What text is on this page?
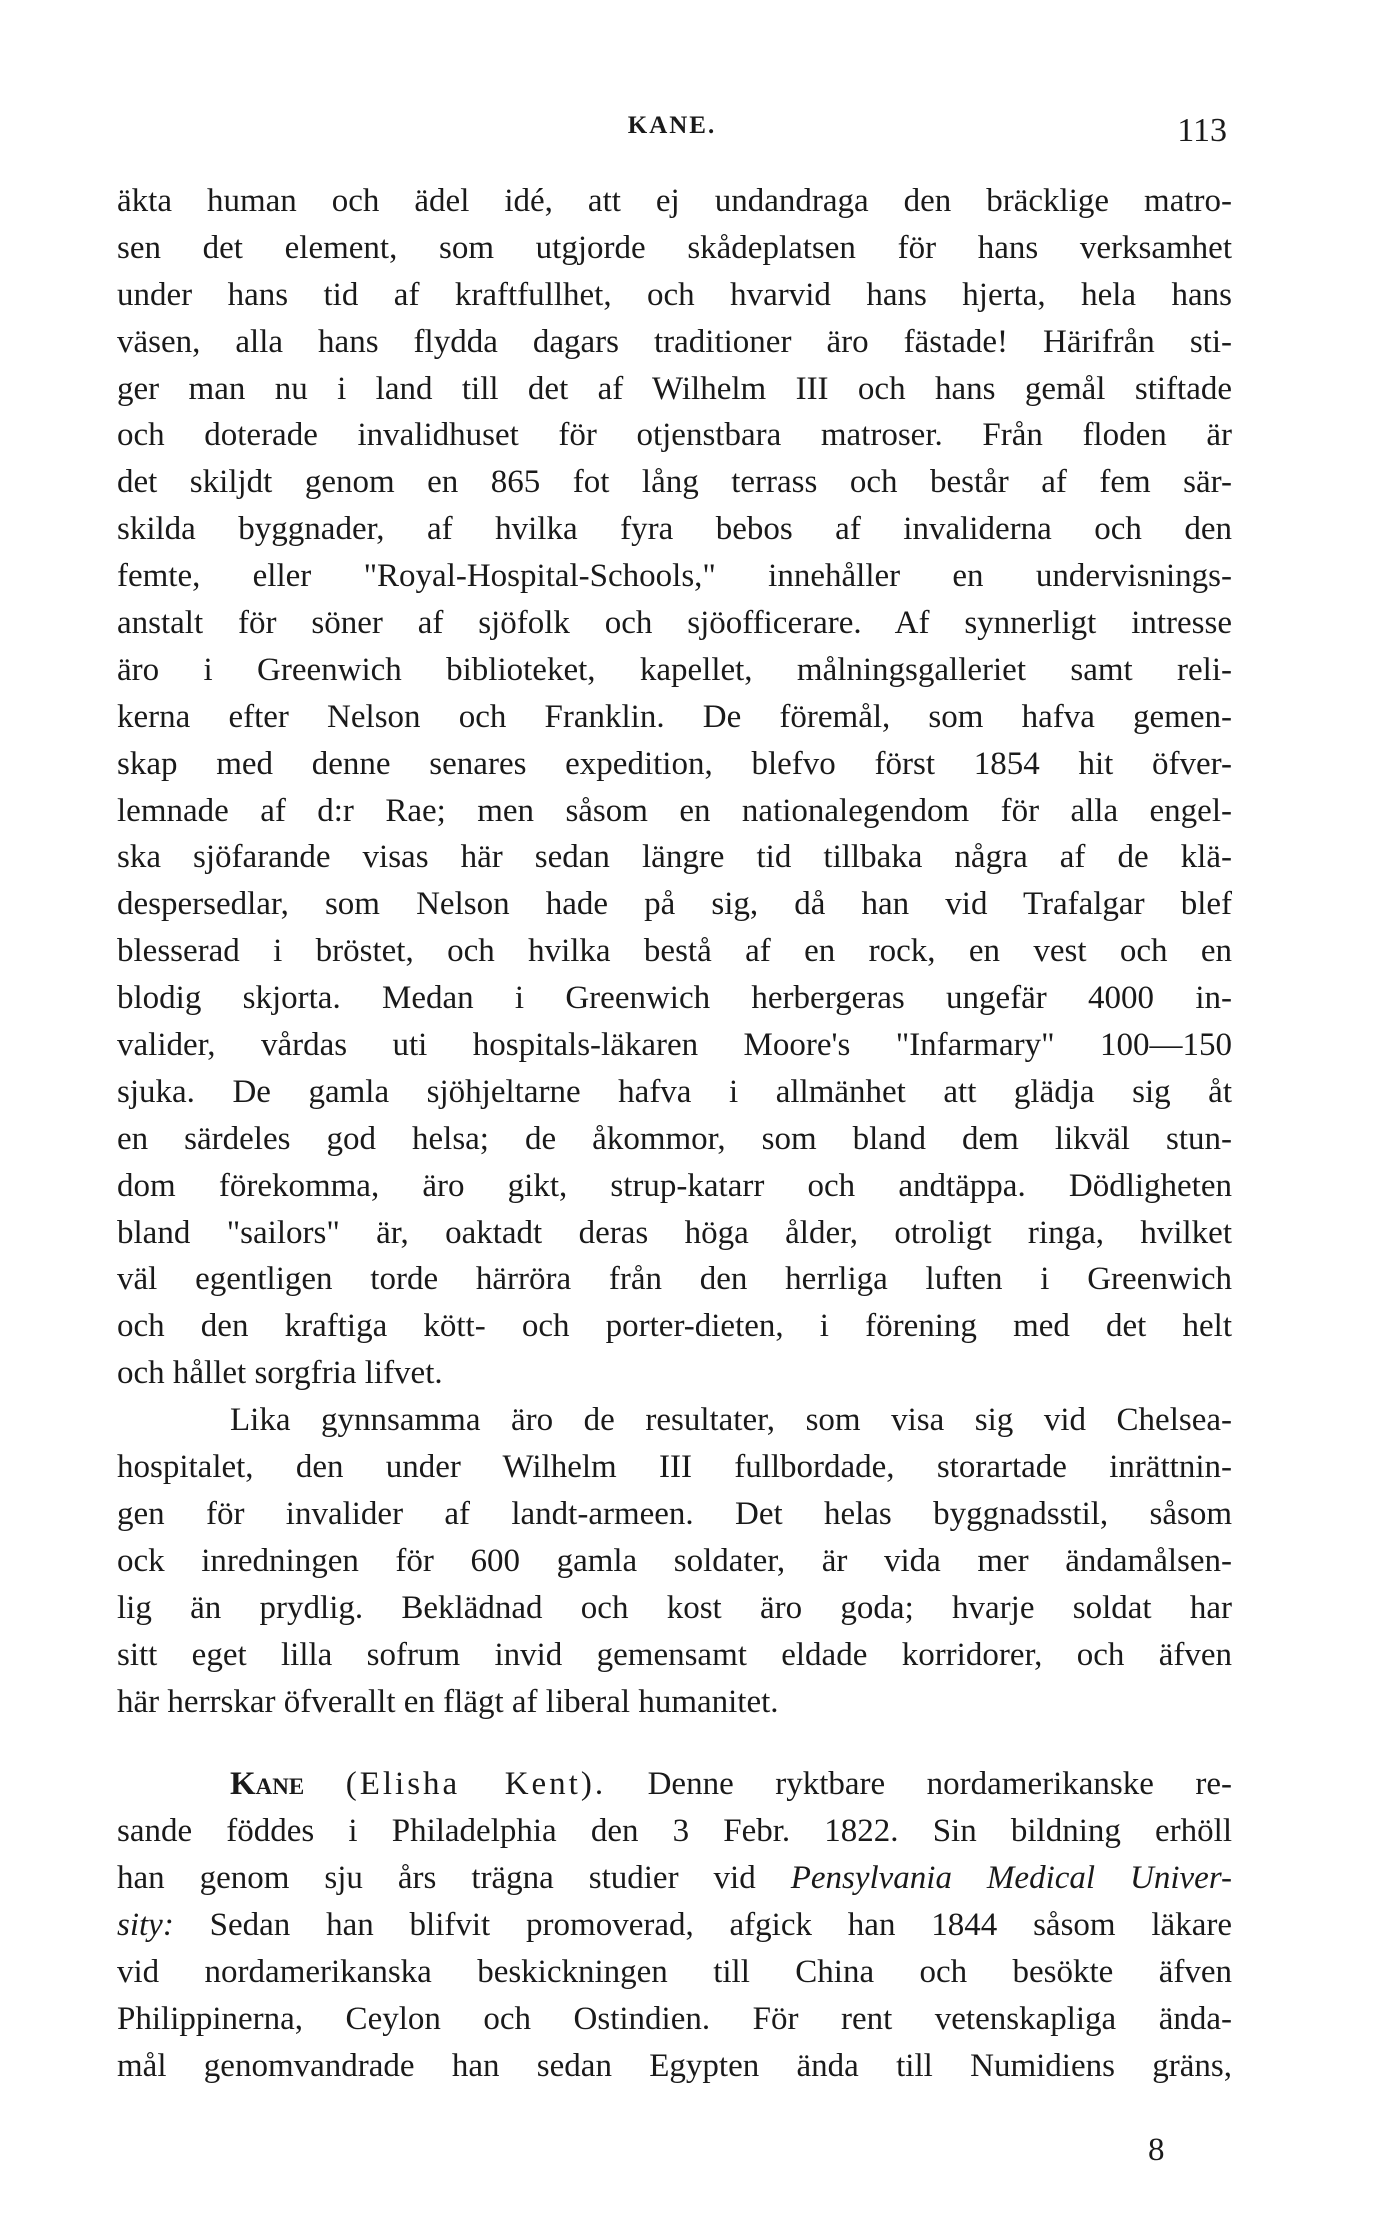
KANE.	113
äkta human och ädel idé, att ej undandraga den bräcklige matro-
sen det element, som utgjorde skådeplatsen för hans verksamhet
under hans tid af kraftfullhet, och hvarvid hans hjerta, hela hans
väsen, alla hans flydda dagars traditioner äro fästade! Härifrån sti-
ger man nu i land till det af Wilhelm III och hans gemål stiftade
och doterade invalidhuset för otjenstbara matroser. Från floden är
det skiljdt genom en 865 fot lång terrass och består af fem sär-
skilda byggnader, af hvilka fyra bebos af invaliderna och den
femte, eller "Royal-Hospital-Schools," innehåller en undervisnings-
anstalt för söner af sjöfolk och sjöofficerare. Af synnerligt intresse
äro i Greenwich biblioteket, kapellet, målningsgalleriet samt reli-
kerna efter Nelson och Franklin. De föremål, som hafva gemen-
skap med denne senares expedition, blefvo först 1854 hit öfver-
lemnade af d:r Rae; men såsom en nationalegendom för alla engel-
ska sjöfarande visas här sedan längre tid tillbaka några af de klä-
despersedlar, som Nelson hade på sig, då han vid Trafalgar blef
blesserad i bröstet, och hvilka bestå af en rock, en vest och en
blodig skjorta. Medan i Greenwich herbergeras ungefär 4000 in-
valider, vårdas uti hospitals-läkaren Moore's "Infarmary" 100—150
sjuka. De gamla sjöhjeltarne hafva i allmänhet att glädja sig åt
en särdeles god helsa; de åkommor, som bland dem likväl stun-
dom förekomma, äro gikt, strup-katarr och andtäppa. Dödligheten
bland "sailors" är, oaktadt deras höga ålder, otroligt ringa, hvilket
väl egentligen torde härröra från den herrliga luften i Greenwich
och den kraftiga kött- och porter-dieten, i förening med det helt
och hållet sorgfria lifvet.
Lika gynnsamma äro de resultater, som visa sig vid Chelsea-
hospitalet, den under Wilhelm III fullbordade, storartade inrättnin-
gen för invalider af landt-armeen. Det helas byggnadsstil, såsom
ock inredningen för 600 gamla soldater, är vida mer ändamålsen-
lig än prydlig. Beklädnad och kost äro goda; hvarje soldat har
sitt eget lilla sofrum invid gemensamt eldade korridorer, och äfven
här herrskar öfverallt en flägt af liberal humanitet.
Kane (Elisha Kent). Denne ryktbare nordamerikanske re-
sande föddes i Philadelphia den 3 Febr. 1822. Sin bildning erhöll
han genom sju års trägna studier vid Pensylvania Medical Univer-
sity: Sedan han blifvit promoverad, afgick han 1844 såsom läkare
vid nordamerikanska beskickningen till China och besökte äfven
Philippinerna, Ceylon och Ostindien. För rent vetenskapliga ända-
mål genomvandrade han sedan Egypten ända till Numidiens gräns,
8
